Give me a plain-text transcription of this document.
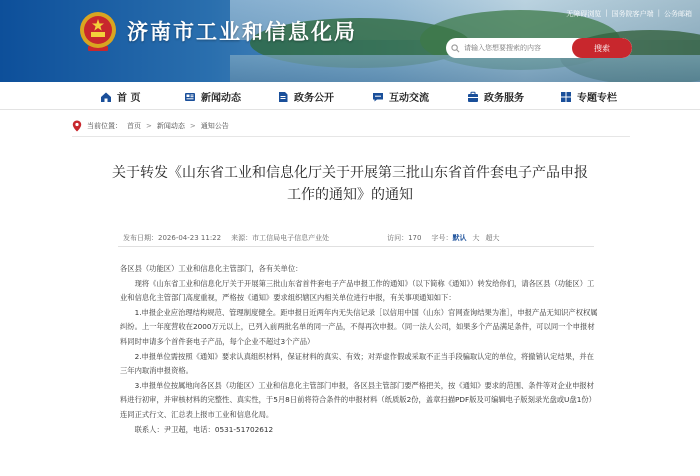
济南市工业和信息化局
无障碍浏览 | 国务院客户端 | 公务邮箱
请输入您想要搜索的内容
搜索
首 页	新闻动态	政务公开	互动交流	政务服务	专题专栏
当前位置： 首页 > 新闻动态 > 通知公告
关于转发《山东省工业和信息化厅关于开展第三批山东省首件套电子产品申报工作的通知》的通知
发布日期：2026-04-23 11:22 来源：市工信局电子信息产业处	访问：170 字号： 默认 大 超大

各区县（功能区）工业和信息化主管部门，各有关单位：

现将《山东省工业和信息化厅关于开展第三批山东省首件套电子产品申报工作的通知》（以下简称《通知》）转发给你们，请各区县（功能区）工业和信息化主管部门高度重视，严格按《通知》要求组织辖区内相关单位进行申报，有关事项通知如下：

1.申报企业应治理结构规范、管理制度健全。距申报日近两年内无失信记录［以信用中国（山东）官网查询结果为准］，申报产品无知识产权权属纠纷。上一年度营收在2000万元以上，已列入前两批名单的同一产品，不得再次申报。（同一法人公司，如果多个产品满足条件，可以同一个申报材料同时申请多个首件套电子产品，每个企业不超过3个产品）

2.申报单位需按照《通知》要求认真组织材料，保证材料的真实、有效；对弄虚作假或采取不正当手段骗取认定的单位，将撤销认定结果，并在三年内取消申报资格。

3.申报单位按属地向各区县（功能区）工业和信息化主管部门申报，各区县主管部门要严格把关，按《通知》要求的范围、条件等对企业申报材料进行初审，并审核材料的完整性、真实性，于5月8日前将符合条件的申报材料（纸质版2份，盖章扫描PDF版及可编辑电子版刻录光盘或U盘1份）连同正式行文、汇总表上报市工业和信息化局。

联系人：尹卫超，电话：0531-51702612
